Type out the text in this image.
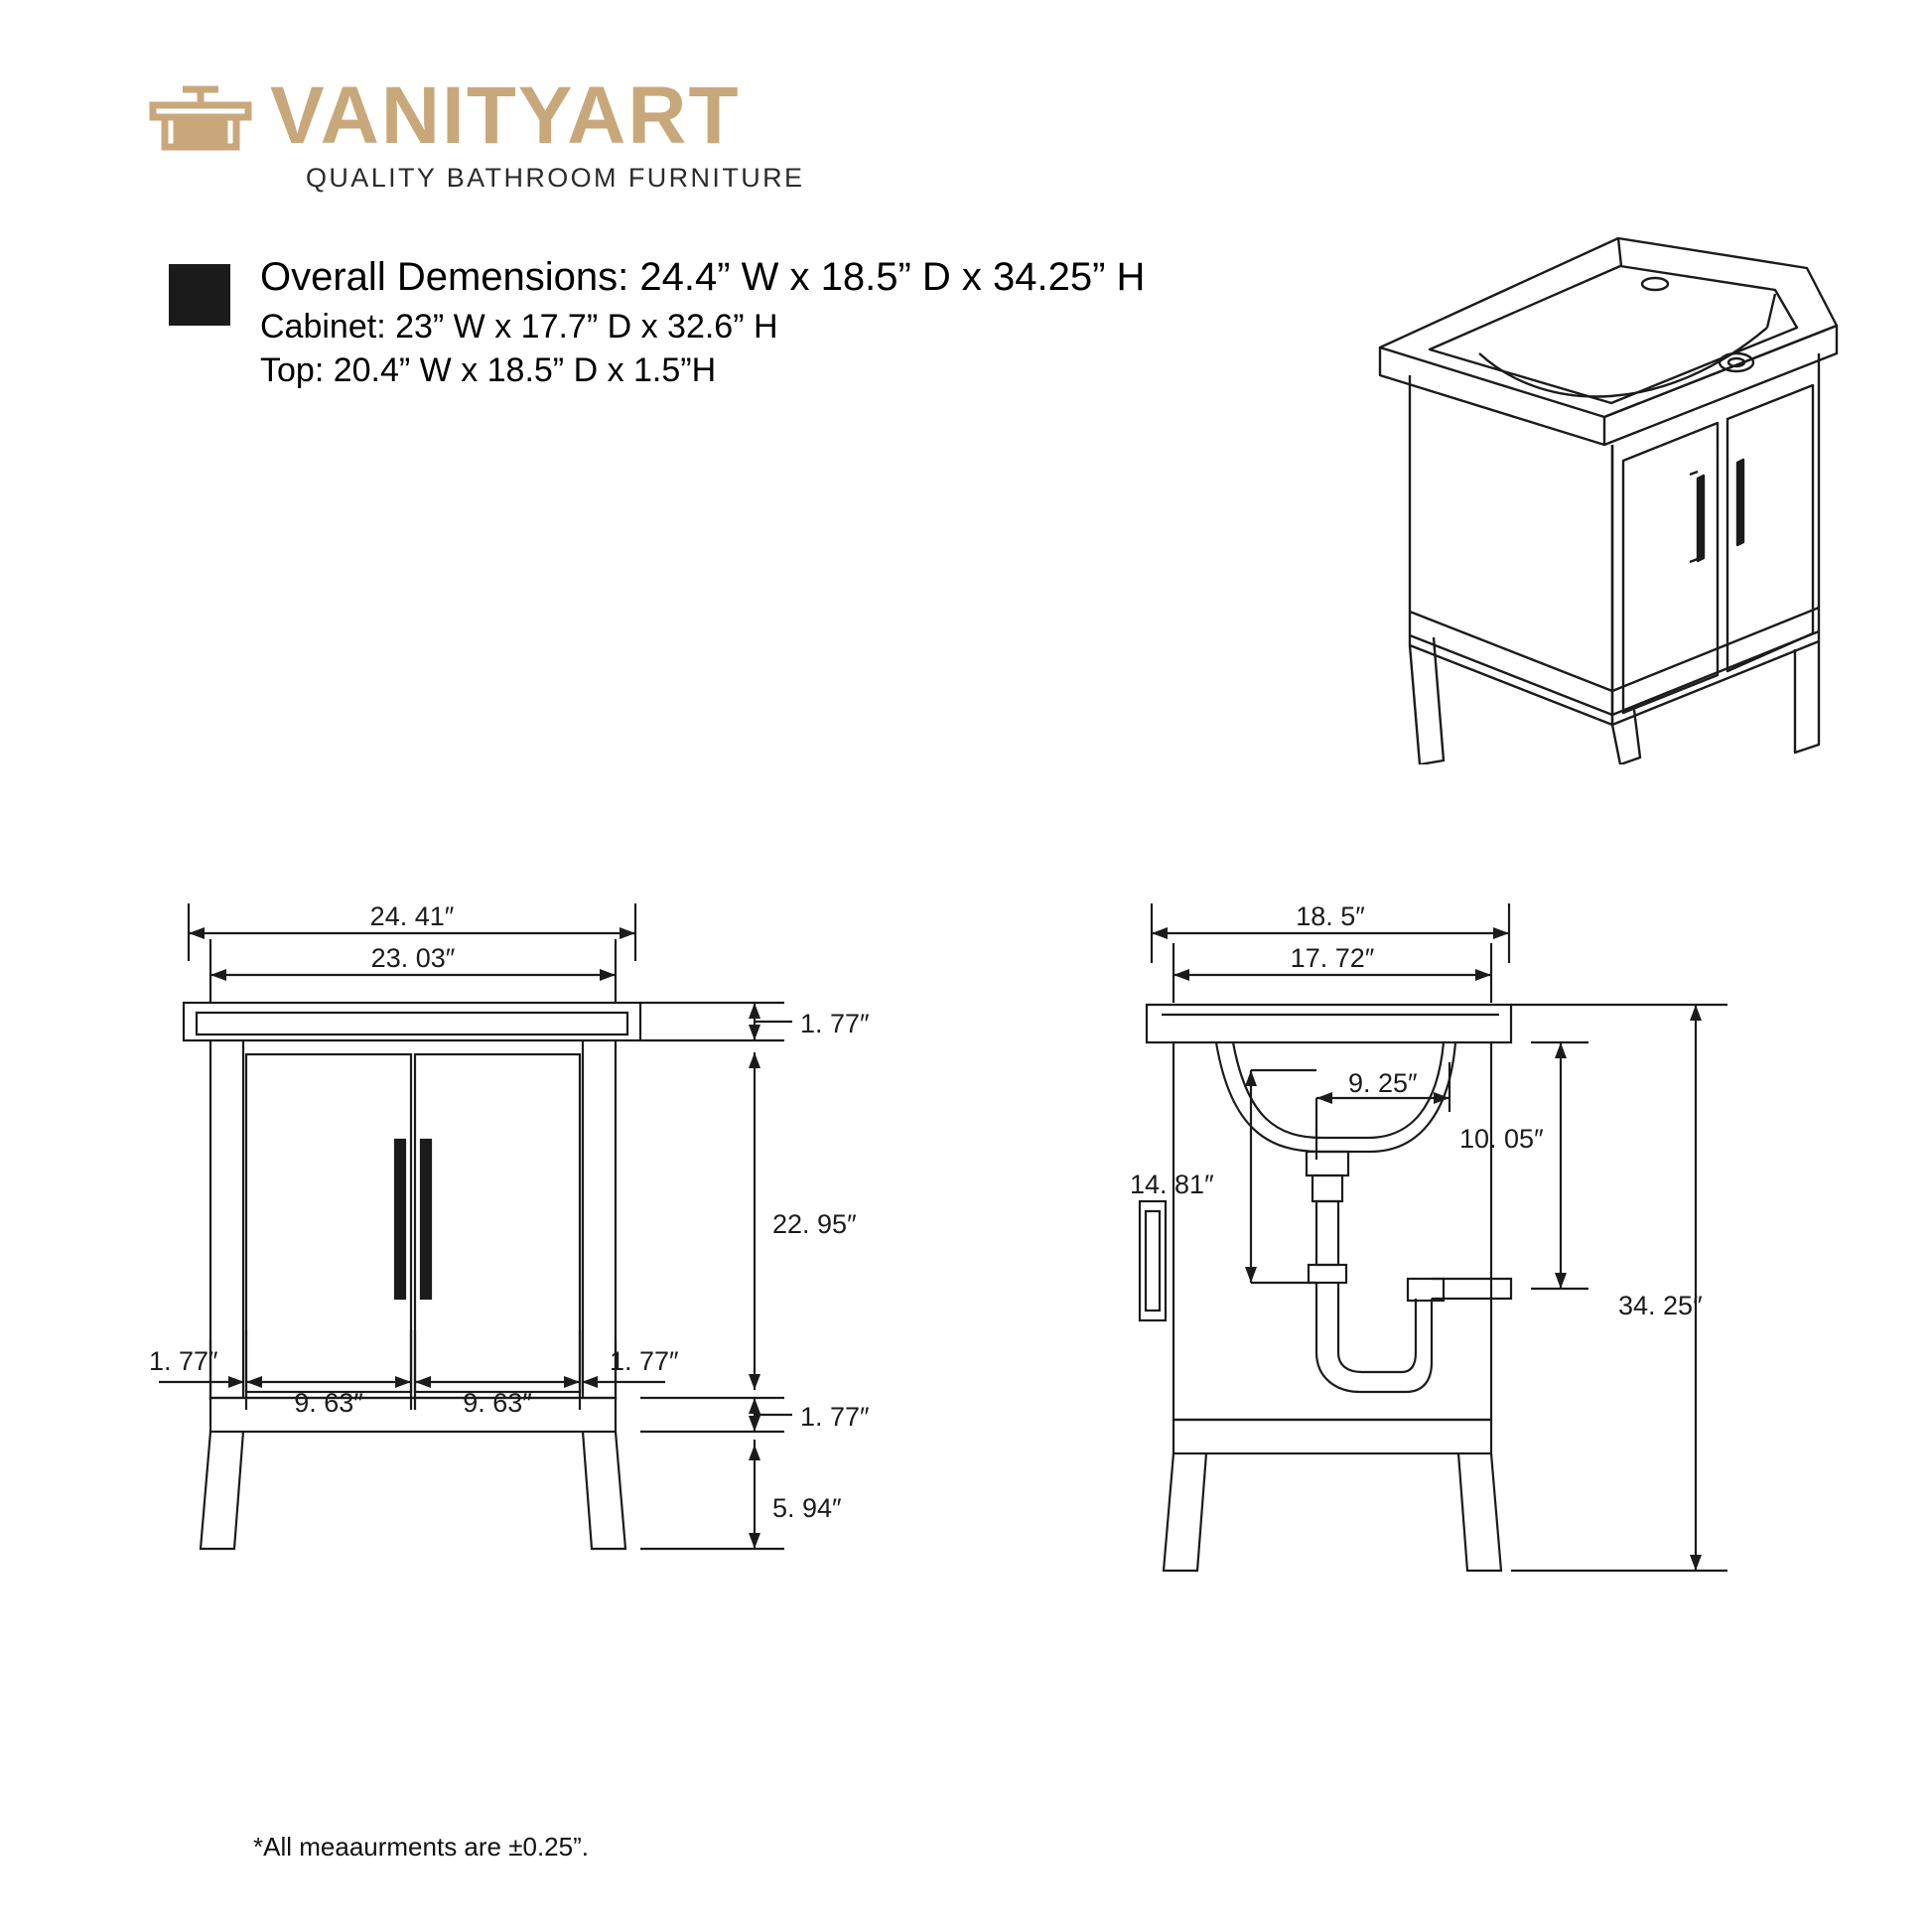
VANITYART
QUALITY BATHROOM FURNITURE
Overall Demensions: 24.4” W x 18.5” D x 34.25” H
Cabinet: 23” W x 17.7” D x 32.6” H
Top: 20.4” W x 18.5” D x 1.5”H
24. 41″
23. 03″
1. 77″
22. 95″
1. 77″
5. 94″
9. 63″	9. 63″
1. 77″	1. 77″
18. 5″
17. 72″
9. 25″
10. 05″
14. 81″
34. 25″
*All meaaurments are ±0.25”.
